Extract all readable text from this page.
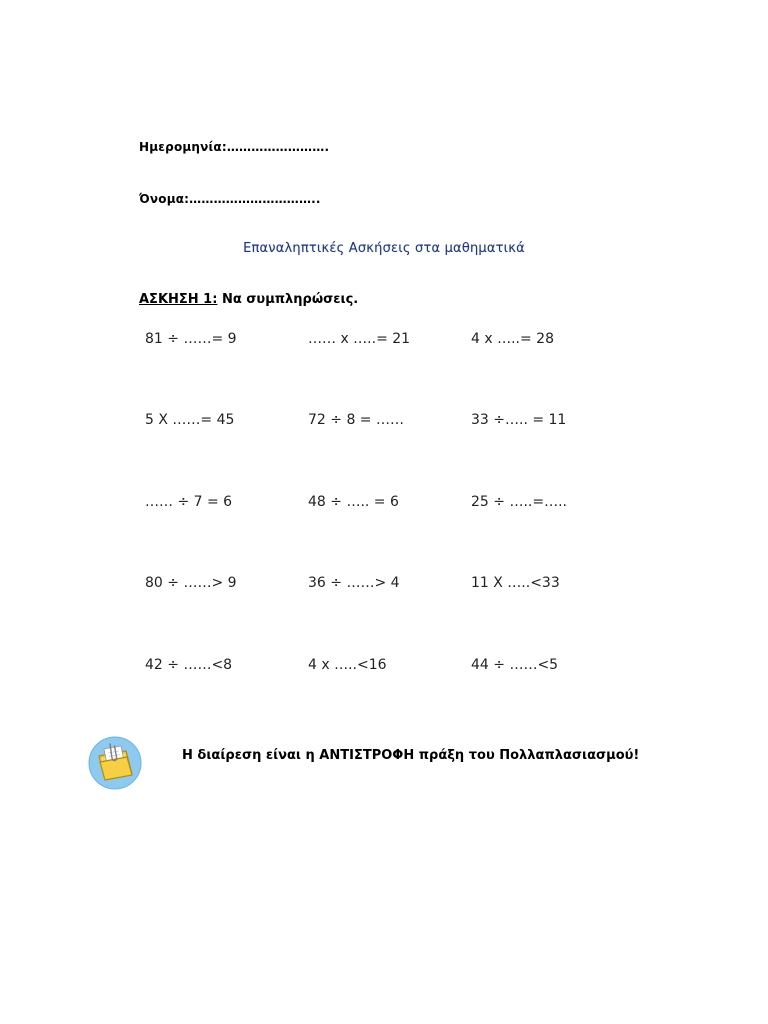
Ημερομηνία:…………………….
Όνομα:…………………………..
Επαναληπτικές Ασκήσεις στα μαθηματικά
ΑΣΚΗΣΗ 1: Να συμπληρώσεις.
81 ÷ ……= 9	…… x …..= 21	4 x …..= 28
5 X ……= 45	72 ÷ 8 = ……	33 ÷….. = 11
…… ÷ 7 = 6	48 ÷ ….. = 6	25 ÷ …..=…..
80 ÷ ……> 9	36 ÷ ……> 4	11 X …..<33
42 ÷ ……<8	4 x …..<16	44 ÷ ……<5
Η διαίρεση είναι η ΑΝΤΙΣΤΡΟΦΗ πράξη του Πολλαπλασιασμού!
